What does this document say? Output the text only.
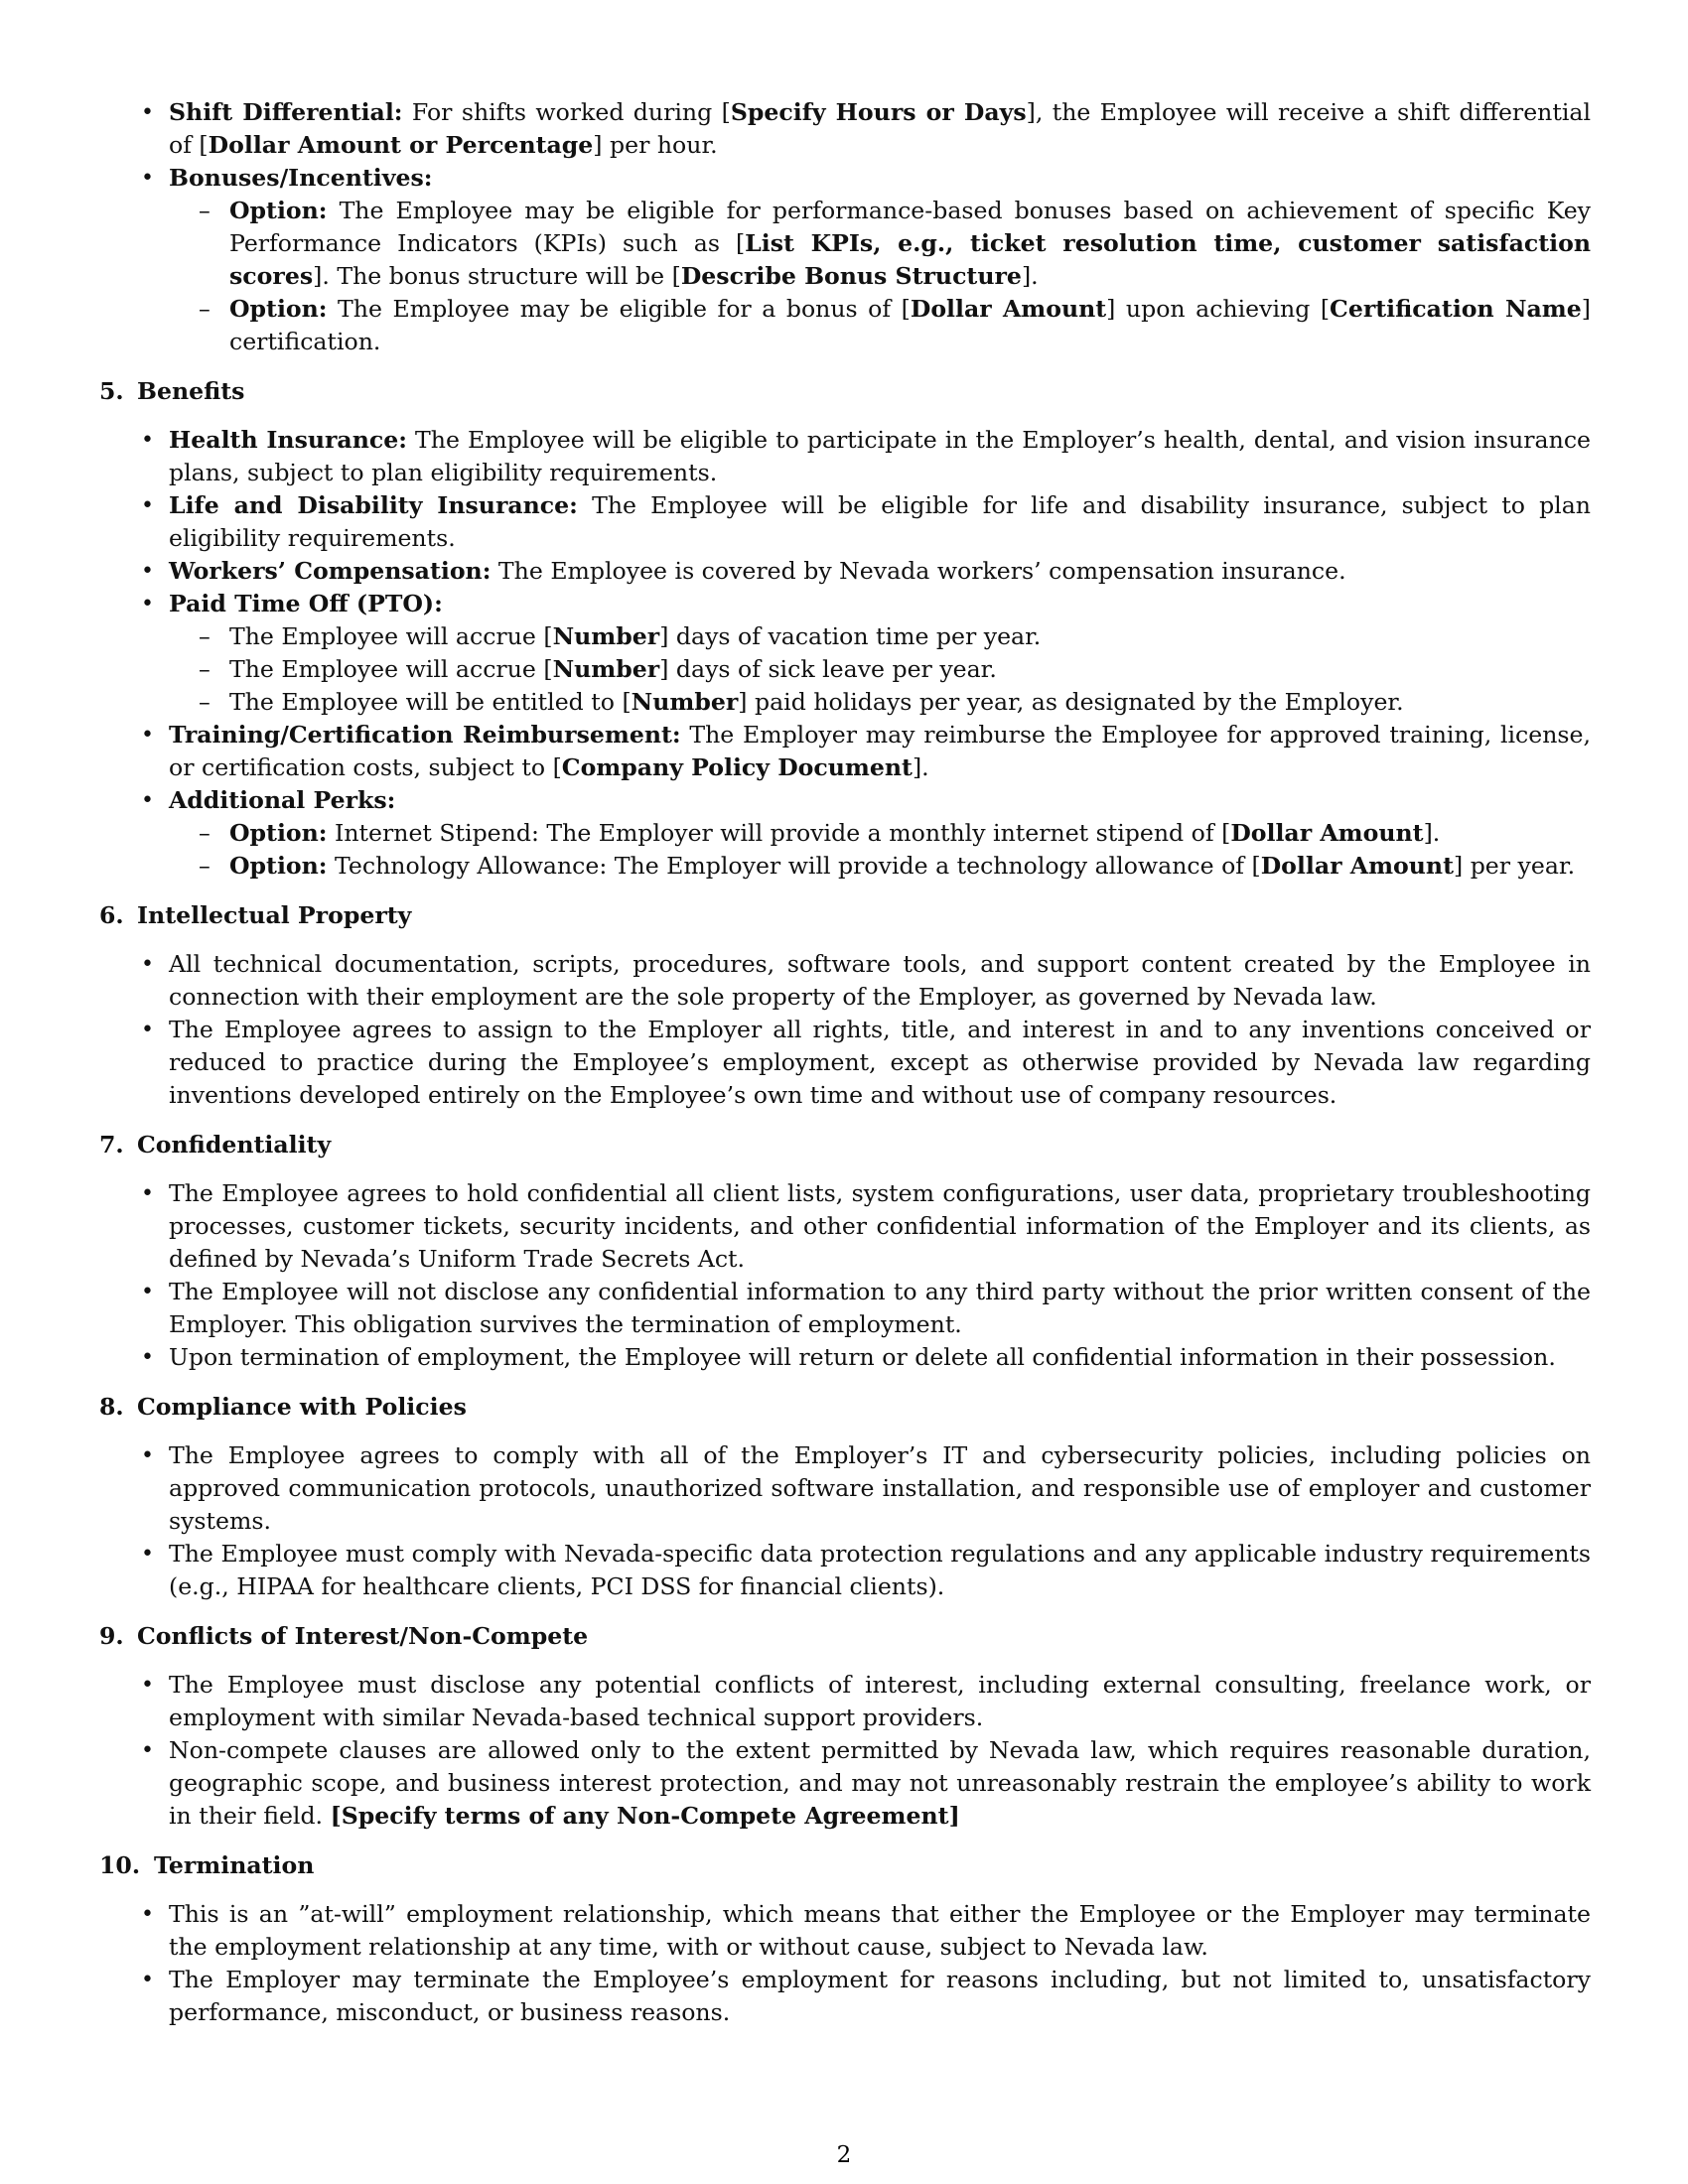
• Shift Differential: For shifts worked during [Specify Hours or Days], the Employee will receive a shift differential of [Dollar Amount or Percentage] per hour.
• Bonuses/Incentives:
– Option: The Employee may be eligible for performance-based bonuses based on achievement of specific Key Performance Indicators (KPIs) such as [List KPIs, e.g., ticket resolution time, customer satisfaction scores]. The bonus structure will be [Describe Bonus Structure].
– Option: The Employee may be eligible for a bonus of [Dollar Amount] upon achieving [Certification Name] certification.
5. Benefits
• Health Insurance: The Employee will be eligible to participate in the Employer’s health, dental, and vision insurance plans, subject to plan eligibility requirements.
• Life and Disability Insurance: The Employee will be eligible for life and disability insurance, subject to plan eligibility requirements.
• Workers’ Compensation: The Employee is covered by Nevada workers’ compensation insurance.
• Paid Time Off (PTO):
– The Employee will accrue [Number] days of vacation time per year.
– The Employee will accrue [Number] days of sick leave per year.
– The Employee will be entitled to [Number] paid holidays per year, as designated by the Employer.
• Training/Certification Reimbursement: The Employer may reimburse the Employee for approved training, license, or certification costs, subject to [Company Policy Document].
• Additional Perks:
– Option: Internet Stipend: The Employer will provide a monthly internet stipend of [Dollar Amount].
– Option: Technology Allowance: The Employer will provide a technology allowance of [Dollar Amount] per year.
6. Intellectual Property
• All technical documentation, scripts, procedures, software tools, and support content created by the Employee in connection with their employment are the sole property of the Employer, as governed by Nevada law.
• The Employee agrees to assign to the Employer all rights, title, and interest in and to any inventions conceived or reduced to practice during the Employee’s employment, except as otherwise provided by Nevada law regarding inventions developed entirely on the Employee’s own time and without use of company resources.
7. Confidentiality
• The Employee agrees to hold confidential all client lists, system configurations, user data, proprietary troubleshooting processes, customer tickets, security incidents, and other confidential information of the Employer and its clients, as defined by Nevada’s Uniform Trade Secrets Act.
• The Employee will not disclose any confidential information to any third party without the prior written consent of the Employer. This obligation survives the termination of employment.
• Upon termination of employment, the Employee will return or delete all confidential information in their possession.
8. Compliance with Policies
• The Employee agrees to comply with all of the Employer’s IT and cybersecurity policies, including policies on approved communication protocols, unauthorized software installation, and responsible use of employer and customer systems.
• The Employee must comply with Nevada-specific data protection regulations and any applicable industry requirements (e.g., HIPAA for healthcare clients, PCI DSS for financial clients).
9. Conflicts of Interest/Non-Compete
• The Employee must disclose any potential conflicts of interest, including external consulting, freelance work, or employment with similar Nevada-based technical support providers.
• Non-compete clauses are allowed only to the extent permitted by Nevada law, which requires reasonable duration, geographic scope, and business interest protection, and may not unreasonably restrain the employee’s ability to work in their field. [Specify terms of any Non-Compete Agreement]
10. Termination
• This is an ”at-will” employment relationship, which means that either the Employee or the Employer may terminate the employment relationship at any time, with or without cause, subject to Nevada law.
• The Employer may terminate the Employee’s employment for reasons including, but not limited to, unsatisfactory performance, misconduct, or business reasons.
2
